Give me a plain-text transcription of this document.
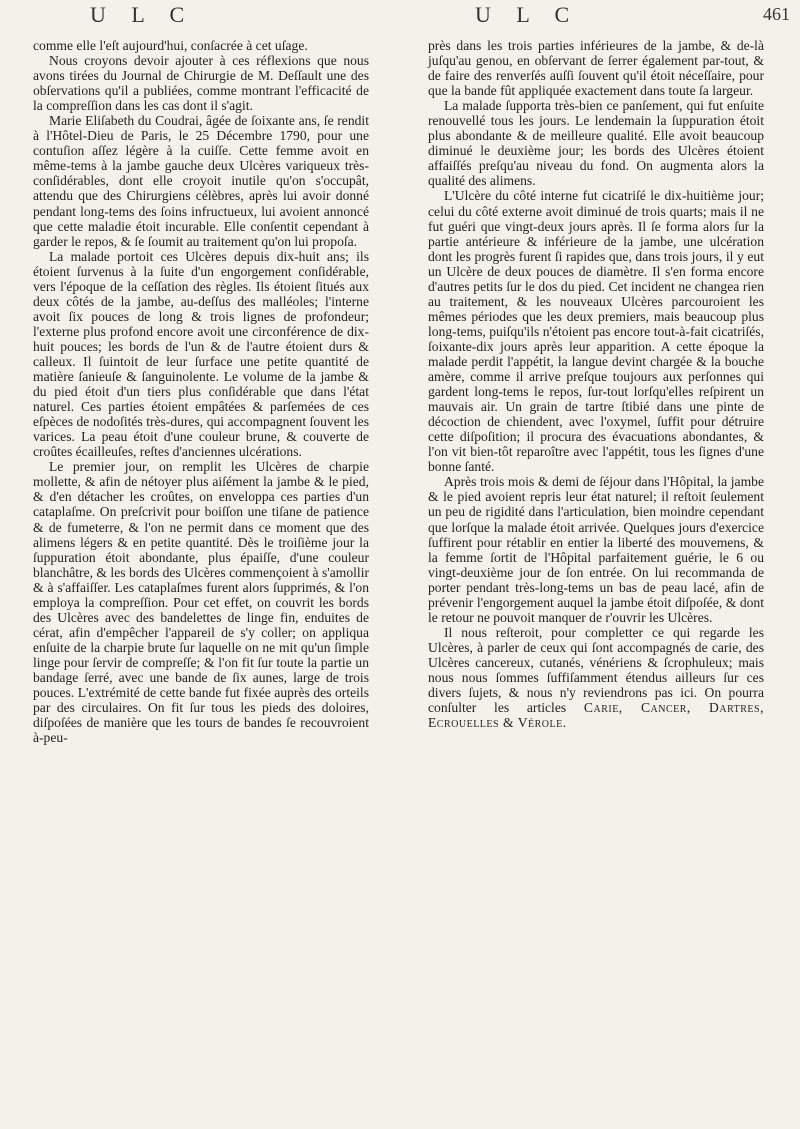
U L C	U L C	461

comme elle l'eſt aujourd'hui, conſacrée à cet uſage.

Nous croyons devoir ajouter à ces réflexions que nous avons tirées du Journal de Chirurgie de M. Deſſault une des obſervations qu'il a publiées, comme montrant l'efficacité de la compreſſion dans les cas dont il s'agit.

Marie Eliſabeth du Coudrai, âgée de ſoixante ans, ſe rendit à l'Hôtel-Dieu de Paris, le 25 Décembre 1790, pour une contuſion aſſez légère à la cuiſſe. Cette femme avoit en même-tems à la jambe gauche deux Ulcères variqueux très-conſidérables, dont elle croyoit inutile qu'on s'occupât, attendu que des Chirurgiens célèbres, après lui avoir donné pendant long-tems des ſoins infructueux, lui avoient annoncé que cette maladie étoit incurable. Elle conſentit cependant à garder le repos, & ſe ſoumit au traitement qu'on lui propoſa.

La malade portoit ces Ulcères depuis dix-huit ans; ils étoient ſurvenus à la ſuite d'un engorgement conſidérable, vers l'époque de la ceſſation des règles. Ils étoient ſitués aux deux côtés de la jambe, au-deſſus des malléoles; l'interne avoit ſix pouces de long & trois lignes de profondeur; l'externe plus profond encore avoit une circonférence de dix-huit pouces; les bords de l'un & de l'autre étoient durs & calleux. Il ſuintoit de leur ſurface une petite quantité de matière ſanieuſe & ſanguinolente. Le volume de la jambe & du pied étoit d'un tiers plus conſidérable que dans l'état naturel. Ces parties étoient empâtées & parſemées de ces eſpèces de nodoſités très-dures, qui accompagnent ſouvent les varices. La peau étoit d'une couleur brune, & couverte de croûtes écailleuſes, reſtes d'anciennes ulcérations.

Le premier jour, on remplit les Ulcères de charpie mollette, & afin de nétoyer plus aiſément la jambe & le pied, & d'en détacher les croûtes, on enveloppa ces parties d'un cataplaſme. On preſcrivit pour boiſſon une tiſane de patience & de fumeterre, & l'on ne permit dans ce moment que des alimens légers & en petite quantité. Dès le troiſième jour la ſuppuration étoit abondante, plus épaiſſe, d'une couleur blanchâtre, & les bords des Ulcères commençoient à s'amollir & à s'affaiſſer. Les cataplaſmes furent alors ſupprimés, & l'on employa la compreſſion. Pour cet effet, on couvrit les bords des Ulcères avec des bandelettes de linge fin, enduites de cérat, afin d'empêcher l'appareil de s'y coller; on appliqua enſuite de la charpie brute ſur laquelle on ne mit qu'un ſimple linge pour ſervir de compreſſe; & l'on fit ſur toute la partie un bandage ſerré, avec une bande de ſix aunes, large de trois pouces. L'extrémité de cette bande fut fixée auprès des orteils par des circulaires. On fit ſur tous les pieds des doloires, diſpoſées de manière que les tours de bandes ſe recouvroient à-peu-

près dans les trois parties inférieures de la jambe, & de-là juſqu'au genou, en obſervant de ſerrer également par-tout, & de faire des renverſés auſſi ſouvent qu'il étoit néceſſaire, pour que la bande fût appliquée exactement dans toute ſa largeur.

La malade ſupporta très-bien ce panſement, qui fut enſuite renouvellé tous les jours. Le lendemain la ſuppuration étoit plus abondante & de meilleure qualité. Elle avoit beaucoup diminué le deuxième jour; les bords des Ulcères étoient affaiſſés preſqu'au niveau du fond. On augmenta alors la qualité des alimens.

L'Ulcère du côté interne fut cicatriſé le dix-huitième jour; celui du côté externe avoit diminué de trois quarts; mais il ne fut guéri que vingt-deux jours après. Il ſe forma alors ſur la partie antérieure & inférieure de la jambe, une ulcération dont les progrès furent ſi rapides que, dans trois jours, il y eut un Ulcère de deux pouces de diamètre. Il s'en forma encore d'autres petits ſur le dos du pied. Cet incident ne changea rien au traitement, & les nouveaux Ulcères parcouroient les mêmes périodes que les deux premiers, mais beaucoup plus long-tems, puiſqu'ils n'étoient pas encore tout-à-fait cicatriſés, ſoixante-dix jours après leur apparition. A cette époque la malade perdit l'appétit, la langue devint chargée & la bouche amère, comme il arrive preſque toujours aux perſonnes qui gardent long-tems le repos, ſur-tout lorſqu'elles reſpirent un mauvais air. Un grain de tartre ſtibié dans une pinte de décoction de chiendent, avec l'oxymel, ſuffit pour détruire cette diſpoſition; il procura des évacuations abondantes, & l'on vit bien-tôt reparoître avec l'appétit, tous les ſignes d'une bonne ſanté.

Après trois mois & demi de ſéjour dans l'Hôpital, la jambe & le pied avoient repris leur état naturel; il reſtoit ſeulement un peu de rigidité dans l'articulation, bien moindre cependant que lorſque la malade étoit arrivée. Quelques jours d'exercice ſuffirent pour rétablir en entier la liberté des mouvemens, & la femme ſortit de l'Hôpital parfaitement guérie, le 6 ou vingt-deuxième jour de ſon entrée. On lui recommanda de porter pendant très-long-tems un bas de peau lacé, afin de prévenir l'engorgement auquel la jambe étoit diſpoſée, & dont le retour ne pouvoit manquer de r'ouvrir les Ulcères.

Il nous reſteroit, pour completter ce qui regarde les Ulcères, à parler de ceux qui ſont accompagnés de carie, des Ulcères cancereux, cutanés, vénériens & ſcrophuleux; mais nous nous ſommes ſuffiſamment étendus ailleurs ſur ces divers ſujets, & nous n'y reviendrons pas ici. On pourra conſulter les articles Carie, Cancer, Dartres, Ecrouelles & Vérole.
